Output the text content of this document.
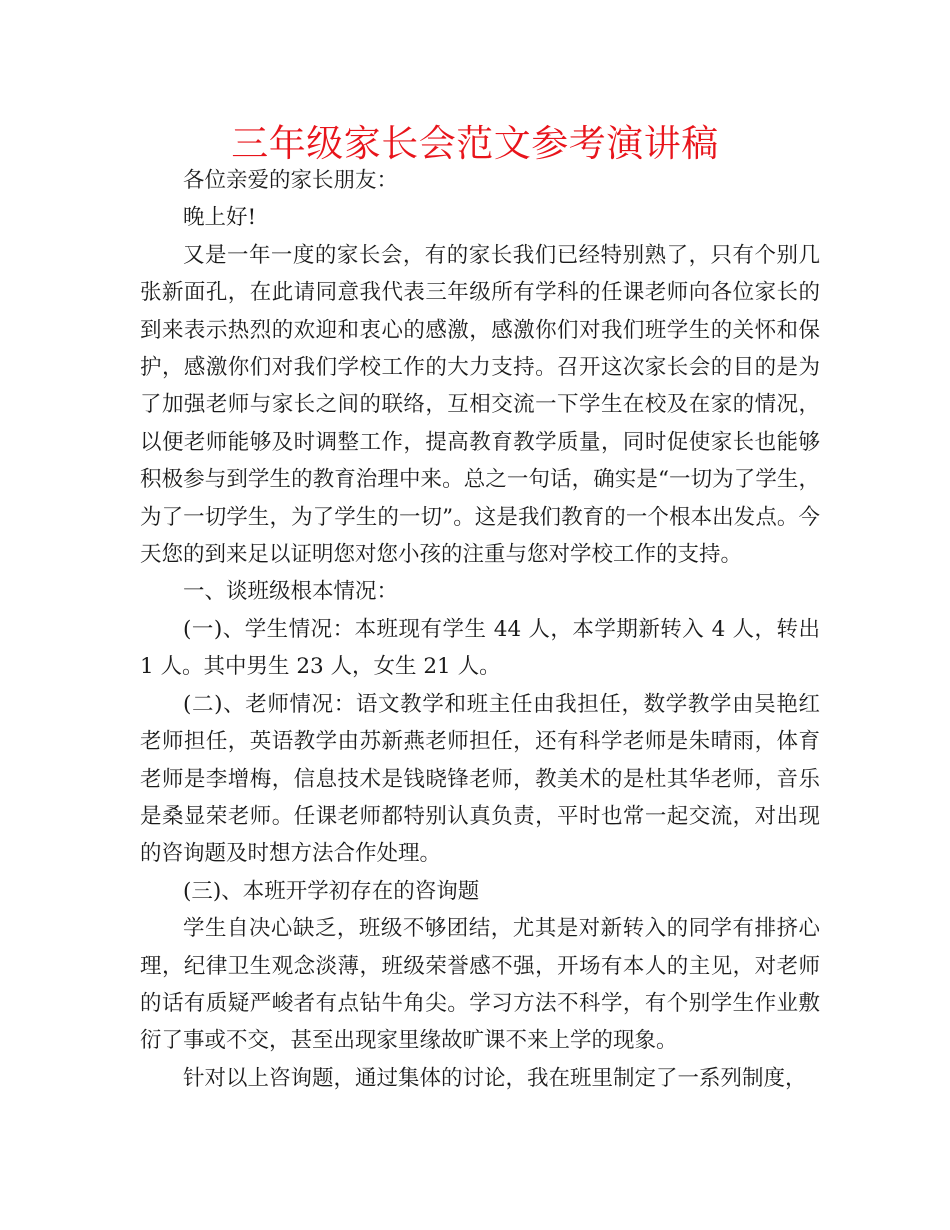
三年级家长会范文参考演讲稿

各位亲爱的家长朋友：

晚上好!

又是一年一度的家长会，有的家长我们已经特别熟了，只有个别几张新面孔，在此请同意我代表三年级所有学科的任课老师向各位家长的到来表示热烈的欢迎和衷心的感激，感激你们对我们班学生的关怀和保护，感激你们对我们学校工作的大力支持。召开这次家长会的目的是为了加强老师与家长之间的联络，互相交流一下学生在校及在家的情况，以便老师能够及时调整工作，提高教育教学质量，同时促使家长也能够积极参与到学生的教育治理中来。总之一句话，确实是“一切为了学生，为了一切学生，为了学生的一切”。这是我们教育的一个根本出发点。今天您的到来足以证明您对您小孩的注重与您对学校工作的支持。

一、谈班级根本情况：

(一)、学生情况：本班现有学生 44 人，本学期新转入 4 人，转出 1 人。其中男生 23 人，女生 21 人。

(二)、老师情况：语文教学和班主任由我担任，数学教学由吴艳红老师担任，英语教学由苏新燕老师担任，还有科学老师是朱晴雨，体育老师是李增梅，信息技术是钱晓锋老师，教美术的是杜其华老师，音乐是桑显荣老师。任课老师都特别认真负责，平时也常一起交流，对出现的咨询题及时想方法合作处理。

(三)、本班开学初存在的咨询题

学生自决心缺乏，班级不够团结，尤其是对新转入的同学有排挤心理，纪律卫生观念淡薄，班级荣誉感不强，开场有本人的主见，对老师的话有质疑严峻者有点钻牛角尖。学习方法不科学，有个别学生作业敷衍了事或不交，甚至出现家里缘故旷课不来上学的现象。

针对以上咨询题，通过集体的讨论，我在班里制定了一系列制度，
